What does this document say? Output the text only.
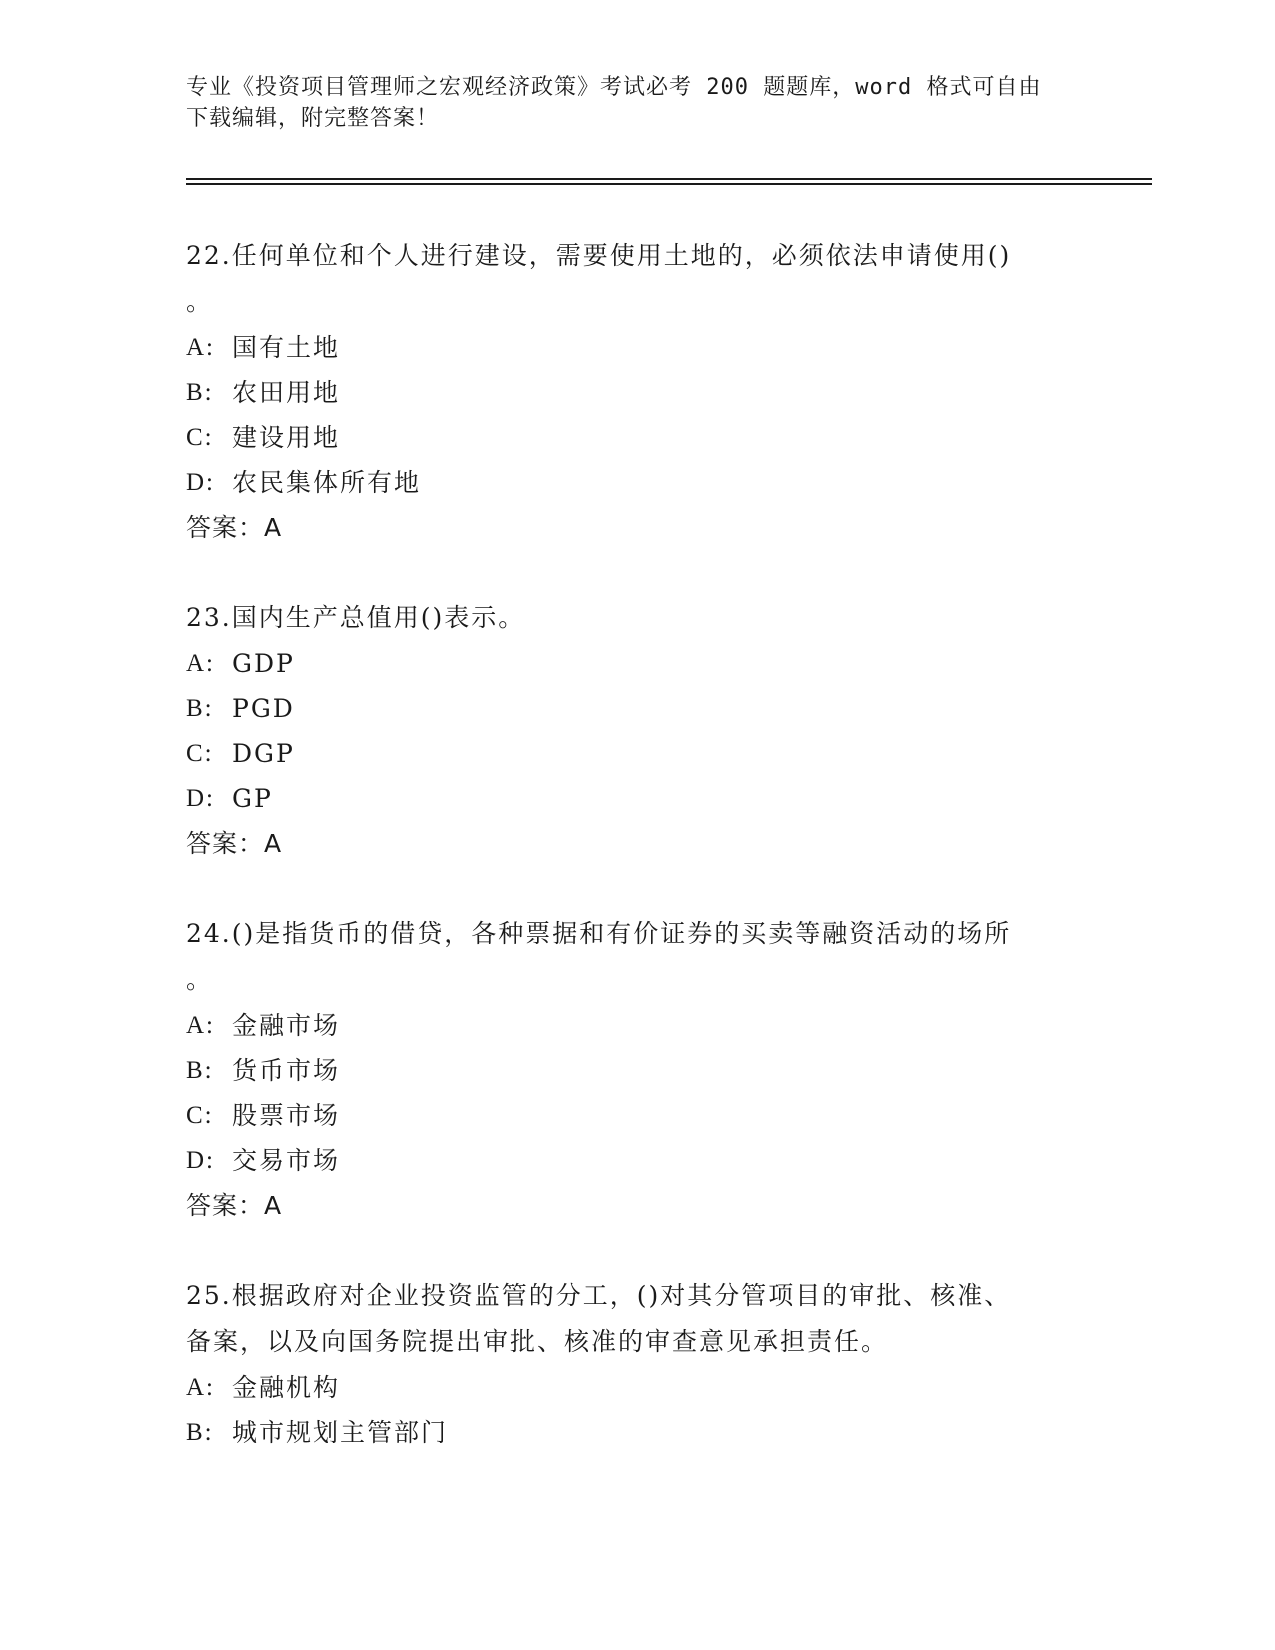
专业《投资项目管理师之宏观经济政策》考试必考 200 题题库，word 格式可自由
下载编辑，附完整答案！
22.任何单位和个人进行建设，需要使用土地的，必须依法申请使用()
。
A: 国有土地
B: 农田用地
C: 建设用地
D: 农民集体所有地
答案：A
23.国内生产总值用()表示。
A: GDP
B: PGD
C: DGP
D: GP
答案：A
24.()是指货币的借贷，各种票据和有价证券的买卖等融资活动的场所
。
A: 金融市场
B: 货币市场
C: 股票市场
D: 交易市场
答案：A
25.根据政府对企业投资监管的分工，()对其分管项目的审批、核准、
备案，以及向国务院提出审批、核准的审查意见承担责任。
A: 金融机构
B: 城市规划主管部门
